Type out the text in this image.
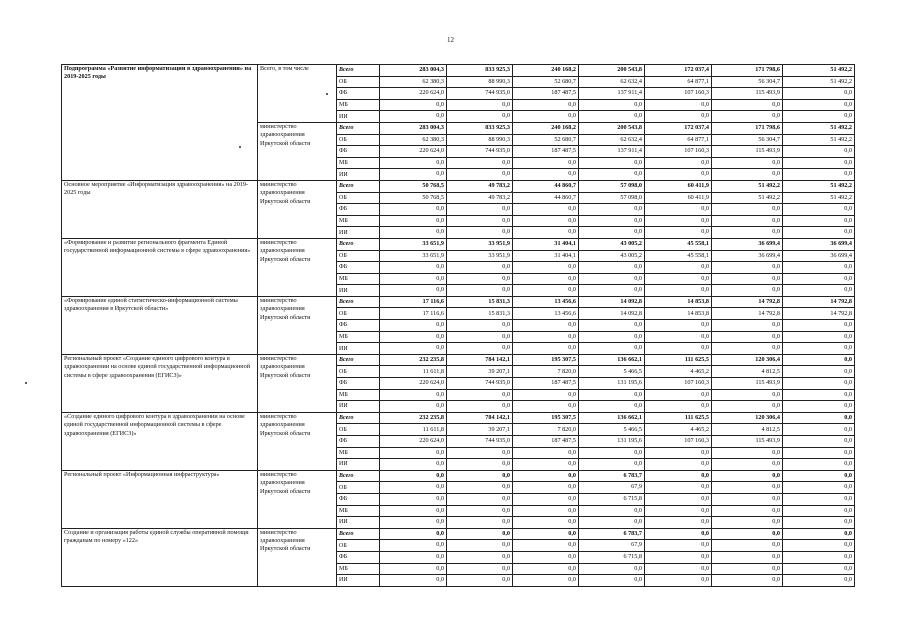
12
Подпрограмма «Развитие информатизации в здравоохранении» на 2019-2025 годы	Всего, в том числе	Всего	283 004,3	833 925,3	240 168,2	200 543,8	172 037,4	171 798,6	51 492,2
		ОБ	62 380,3	88 990,3	52 680,7	62 632,4	64 877,1	56 304,7	51 492,2
		ФБ	220 624,0	744 935,0	187 487,5	137 911,4	107 160,3	115 493,9	0,0
		МБ	0,0	0,0	0,0	0,0	0,0	0,0	0,0
		ИИ	0,0	0,0	0,0	0,0	0,0	0,0	0,0
	министерство здравоохранения Иркутской области	Всего	283 004,3	833 925,3	240 168,2	200 543,8	172 037,4	171 798,6	51 492,2
		ОБ	62 380,3	88 990,3	52 680,7	62 632,4	64 877,1	56 304,7	51 492,2
		ФБ	220 624,0	744 935,0	187 487,5	137 911,4	107 160,3	115 493,9	0,0
		МБ	0,0	0,0	0,0	0,0	0,0	0,0	0,0
		ИИ	0,0	0,0	0,0	0,0	0,0	0,0	0,0
Основное мероприятие «Информатизация здравоохранения» на 2019-2025 годы	министерство здравоохранения Иркутской области	Всего	50 768,5	49 783,2	44 860,7	57 098,0	60 411,9	51 492,2	51 492,2
		ОБ	50 768,5	49 783,2	44 860,7	57 098,0	60 411,9	51 492,2	51 492,2
		ФБ	0,0	0,0	0,0	0,0	0,0	0,0	0,0
		МБ	0,0	0,0	0,0	0,0	0,0	0,0	0,0
		ИИ	0,0	0,0	0,0	0,0	0,0	0,0	0,0
«Формирование и развитие регионального фрагмента Единой государственной информационной системы в сфере здравоохранения»	министерство здравоохранения Иркутской области	Всего	33 651,9	33 951,9	31 404,1	43 005,2	45 558,1	36 699,4	36 699,4
		ОБ	33 651,9	33 951,9	31 404,1	43 005,2	45 558,1	36 699,4	36 699,4
		ФБ	0,0	0,0	0,0	0,0	0,0	0,0	0,0
		МБ	0,0	0,0	0,0	0,0	0,0	0,0	0,0
		ИИ	0,0	0,0	0,0	0,0	0,0	0,0	0,0
«Формирование единой статистическо-информационной системы здравоохранения в Иркутской области»	министерство здравоохранения Иркутской области	Всего	17 116,6	15 831,3	13 456,6	14 092,8	14 853,8	14 792,8	14 792,8
		ОБ	17 116,6	15 831,3	13 456,6	14 092,8	14 853,8	14 792,8	14 792,8
		ФБ	0,0	0,0	0,0	0,0	0,0	0,0	0,0
		МБ	0,0	0,0	0,0	0,0	0,0	0,0	0,0
		ИИ	0,0	0,0	0,0	0,0	0,0	0,0	0,0
Региональный проект «Создание единого цифрового контура в здравоохранении на основе единой государственной информационной системы в сфере здравоохранения (ЕГИСЗ)»	министерство здравоохранения Иркутской области	Всего	232 235,8	784 142,1	195 307,5	136 662,1	111 625,5	120 306,4	0,0
		ОБ	11 611,8	39 207,1	7 820,0	5 466,5	4 465,2	4 812,5	0,0
		ФБ	220 624,0	744 935,0	187 487,5	131 195,6	107 160,3	115 493,9	0,0
		МБ	0,0	0,0	0,0	0,0	0,0	0,0	0,0
		ИИ	0,0	0,0	0,0	0,0	0,0	0,0	0,0
«Создание единого цифрового контура в здравоохранении на основе единой государственной информационной системы в сфере здравоохранения (ЕГИСЗ)»	министерство здравоохранения Иркутской области	Всего	232 235,8	784 142,1	195 307,5	136 662,1	111 625,5	120 306,4	0,0
		ОБ	11 611,8	39 207,1	7 820,0	5 466,5	4 465,2	4 812,5	0,0
		ФБ	220 624,0	744 935,0	187 487,5	131 195,6	107 160,3	115 493,9	0,0
		МБ	0,0	0,0	0,0	0,0	0,0	0,0	0,0
		ИИ	0,0	0,0	0,0	0,0	0,0	0,0	0,0
Региональный проект «Информационная инфраструктура»	министерство здравоохранения Иркутской области	Всего	0,0	0,0	0,0	6 783,7	0,0	0,0	0,0
		ОБ	0,0	0,0	0,0	67,9	0,0	0,0	0,0
		ФБ	0,0	0,0	0,0	6 715,8	0,0	0,0	0,0
		МБ	0,0	0,0	0,0	0,0	0,0	0,0	0,0
		ИИ	0,0	0,0	0,0	0,0	0,0	0,0	0,0
Создание и организация работы единой службы оперативной помощи гражданам по номеру «122»	министерство здравоохранения Иркутской области	Всего	0,0	0,0	0,0	6 783,7	0,0	0,0	0,0
		ОБ	0,0	0,0	0,0	67,9	0,0	0,0	0,0
		ФБ	0,0	0,0	0,0	6 715,8	0,0	0,0	0,0
		МБ	0,0	0,0	0,0	0,0	0,0	0,0	0,0
		ИИ	0,0	0,0	0,0	0,0	0,0	0,0	0,0
